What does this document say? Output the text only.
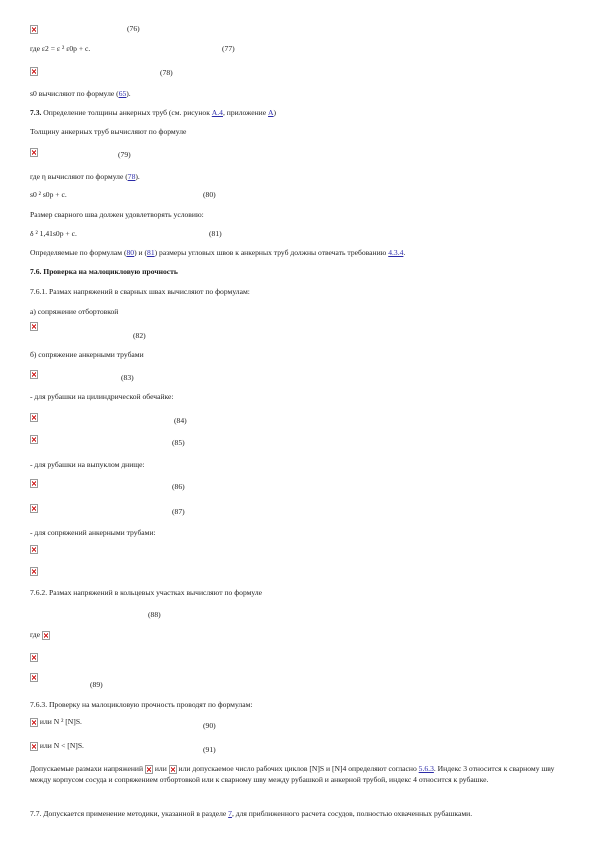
(76)
где ε2 = ε ² ε0p + c.	(77)
(78)
s0 вычисляют по формуле (65).
7.3. Определение толщины анкерных труб (см. рисунок А.4, приложение А)
Толщину анкерных труб вычисляют по формуле
(79)
где η вычисляют по формуле (78).
s0 ² s0p + c.	(80)
Размер сварного шва должен удовлетворять условию:
δ ² 1,41s0p + c.	(81)
Определяемые по формулам (80) и (81) размеры угловых швов к анкерных труб должны отвечать требованию 4.3.4.
7.6. Проверка на малоцикловую прочность
7.6.1. Размах напряжений в сварных швах вычисляют по формулам:
а) сопряжение отбортовкой
(82)
б) сопряжение анкерными трубами
(83)
- для рубашки на цилиндрической обечайке:
(84)
(85)
- для рубашки на выпуклом днище:
(86)
(87)
- для сопряжений анкерными трубами:
7.6.2. Размах напряжений в кольцевых участках вычисляют по формуле
(88)
где
(89)
7.6.3. Проверку на малоцикловую прочность проводят по формулам:
или N ² [N]S.	(90)
или N < [N]S.	(91)
Допускаемые размахи напряжений  или  или допускаемое число рабочих циклов [N]S и [N]4 определяют согласно 5.6.3. Индекс 3 относится к сварному шву между корпусом сосуда и сопряжением отбортовкой или к сварному шву между рубашкой и анкерной трубой, индекс 4 относится к рубашке.
7.7. Допускается применение методики, указанной в разделе 7, для приближенного расчета сосудов, полностью охваченных рубашками.
